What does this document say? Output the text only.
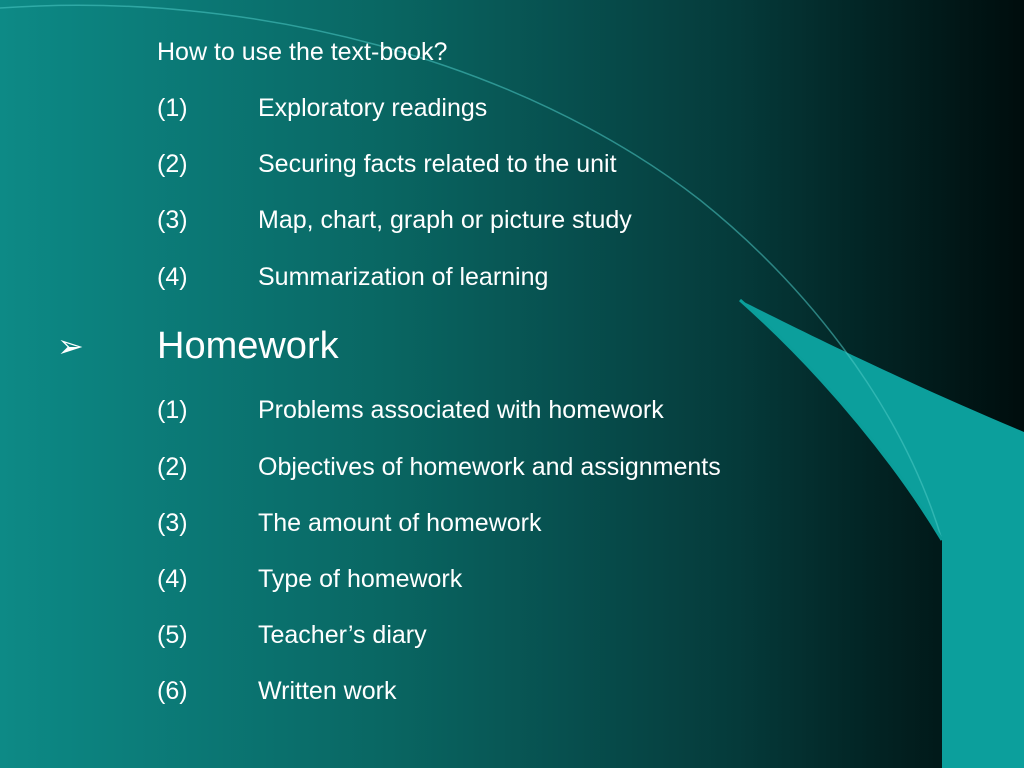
How to use the text-book?
(1)	Exploratory readings
(2)	Securing facts related to the unit
(3)	Map, chart, graph or picture study
(4)	Summarization of learning
➢ Homework
(1)	Problems associated with homework
(2)	Objectives of homework and assignments
(3)	The amount of homework
(4)	Type of homework
(5)	Teacher’s diary
(6)	Written work
